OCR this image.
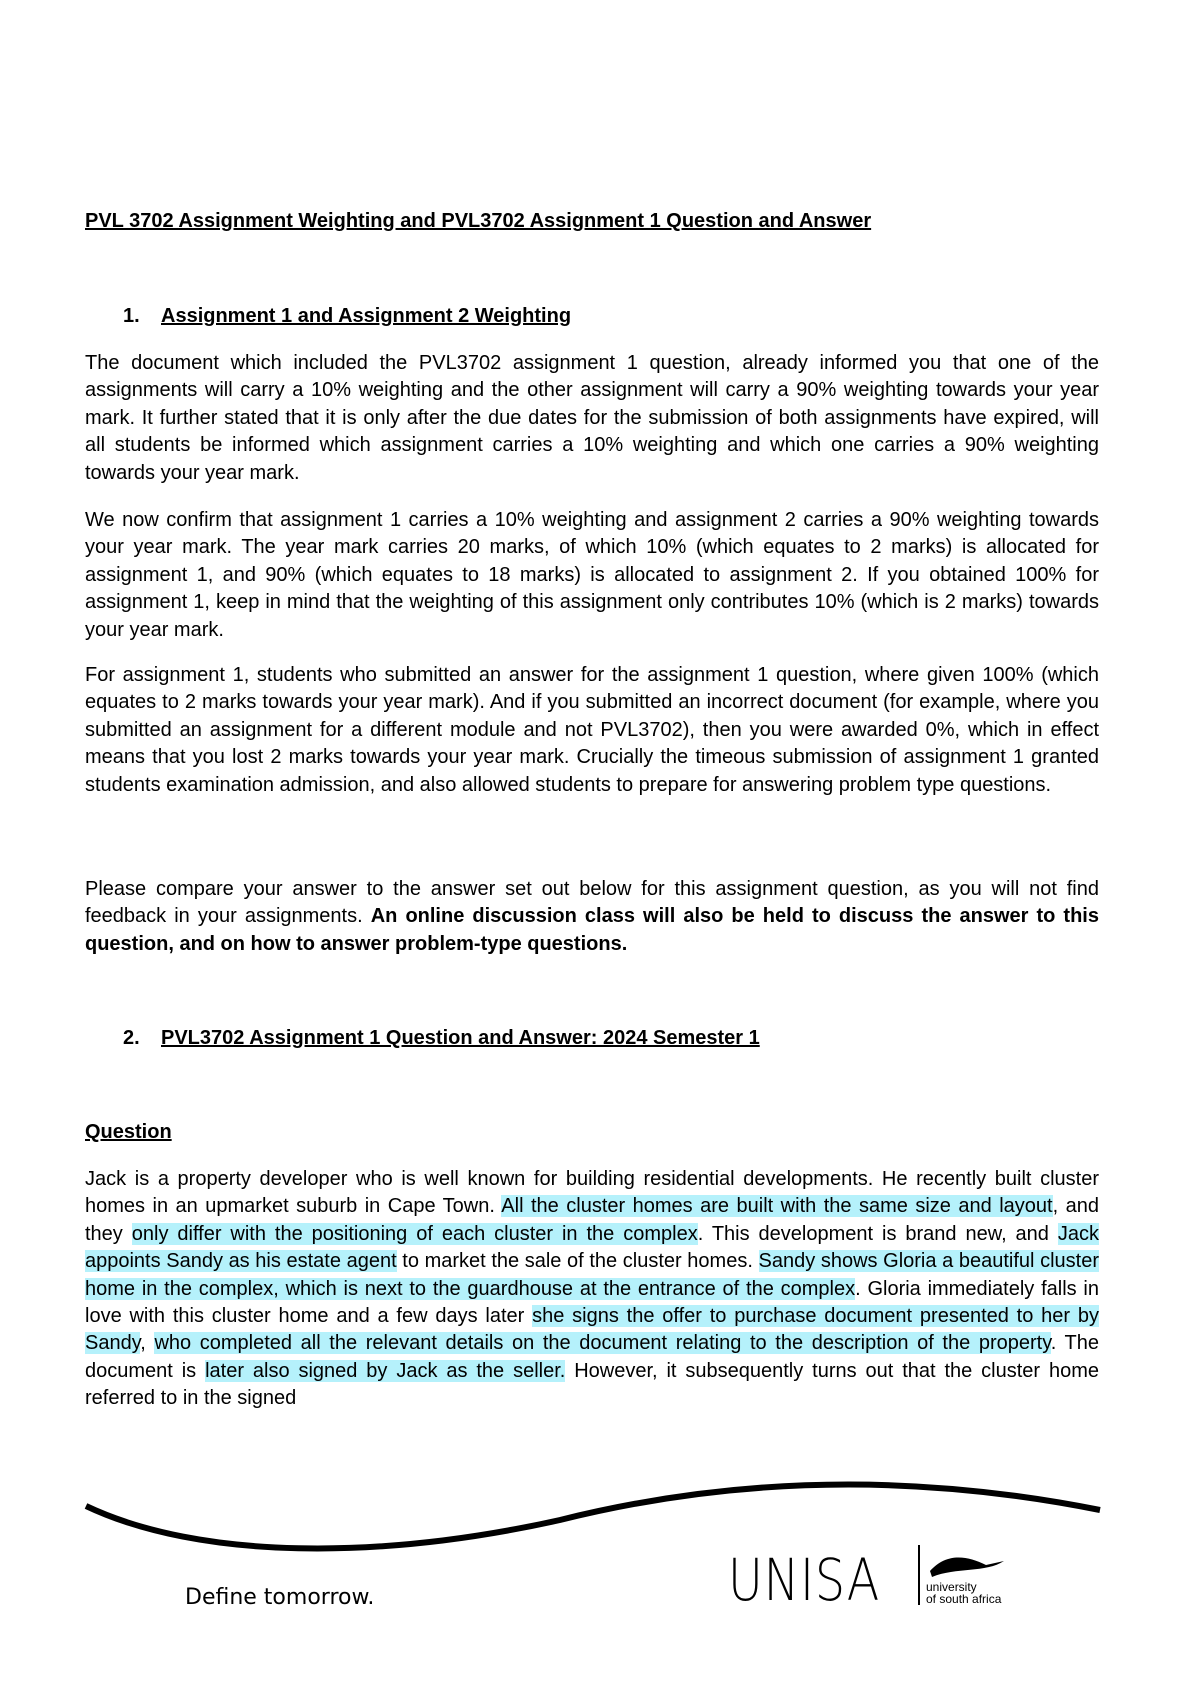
PVL 3702 Assignment Weighting and PVL3702 Assignment 1 Question and Answer
1. Assignment 1 and Assignment 2 Weighting
The document which included the PVL3702 assignment 1 question, already informed you that one of the assignments will carry a 10% weighting and the other assignment will carry a 90% weighting towards your year mark. It further stated that it is only after the due dates for the submission of both assignments have expired, will all students be informed which assignment carries a 10% weighting and which one carries a 90% weighting towards your year mark.
We now confirm that assignment 1 carries a 10% weighting and assignment 2 carries a 90% weighting towards your year mark. The year mark carries 20 marks, of which 10% (which equates to 2 marks) is allocated for assignment 1, and 90% (which equates to 18 marks) is allocated to assignment 2. If you obtained 100% for assignment 1, keep in mind that the weighting of this assignment only contributes 10% (which is 2 marks) towards your year mark.
For assignment 1, students who submitted an answer for the assignment 1 question, where given 100% (which equates to 2 marks towards your year mark). And if you submitted an incorrect document (for example, where you submitted an assignment for a different module and not PVL3702), then you were awarded 0%, which in effect means that you lost 2 marks towards your year mark. Crucially the timeous submission of assignment 1 granted students examination admission, and also allowed students to prepare for answering problem type questions.
Please compare your answer to the answer set out below for this assignment question, as you will not find feedback in your assignments. An online discussion class will also be held to discuss the answer to this question, and on how to answer problem-type questions.
2. PVL3702 Assignment 1 Question and Answer: 2024 Semester 1
Question
Jack is a property developer who is well known for building residential developments. He recently built cluster homes in an upmarket suburb in Cape Town. All the cluster homes are built with the same size and layout, and they only differ with the positioning of each cluster in the complex. This development is brand new, and Jack appoints Sandy as his estate agent to market the sale of the cluster homes. Sandy shows Gloria a beautiful cluster home in the complex, which is next to the guardhouse at the entrance of the complex. Gloria immediately falls in love with this cluster home and a few days later she signs the offer to purchase document presented to her by Sandy, who completed all the relevant details on the document relating to the description of the property. The document is later also signed by Jack as the seller. However, it subsequently turns out that the cluster home referred to in the signed
Define tomorrow.	UNISA	university
of south africa
